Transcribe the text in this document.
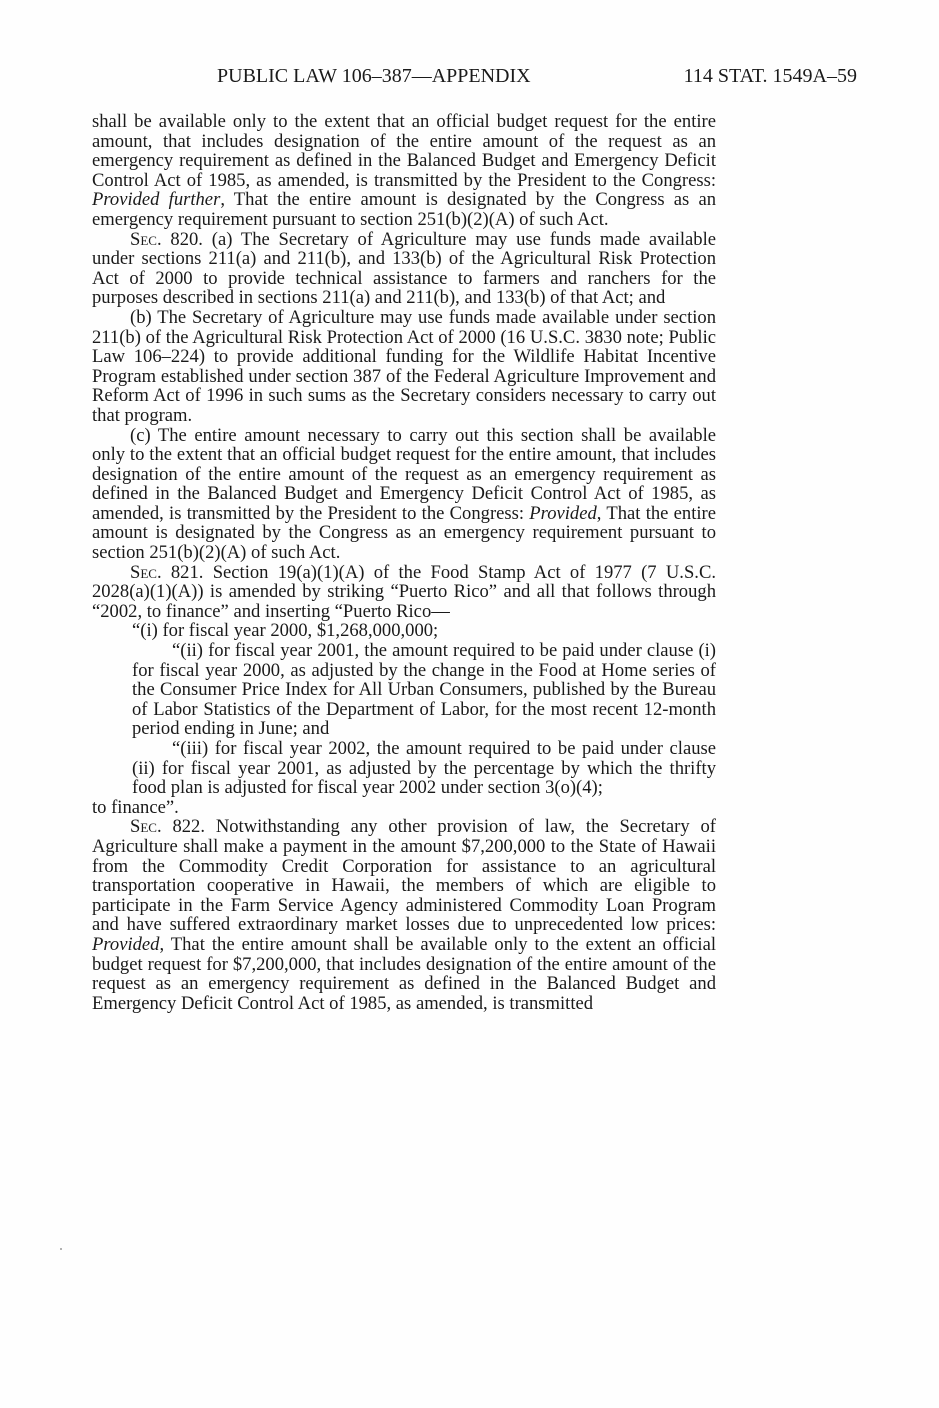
PUBLIC LAW 106–387—APPENDIX	114 STAT. 1549A–59

shall be available only to the extent that an official budget request for the entire amount, that includes designation of the entire amount of the request as an emergency requirement as defined in the Balanced Budget and Emergency Deficit Control Act of 1985, as amended, is transmitted by the President to the Congress: Provided further, That the entire amount is designated by the Congress as an emergency requirement pursuant to section 251(b)(2)(A) of such Act.

Sec. 820. (a) The Secretary of Agriculture may use funds made available under sections 211(a) and 211(b), and 133(b) of the Agricultural Risk Protection Act of 2000 to provide technical assistance to farmers and ranchers for the purposes described in sections 211(a) and 211(b), and 133(b) of that Act; and

(b) The Secretary of Agriculture may use funds made available under section 211(b) of the Agricultural Risk Protection Act of 2000 (16 U.S.C. 3830 note; Public Law 106–224) to provide additional funding for the Wildlife Habitat Incentive Program established under section 387 of the Federal Agriculture Improvement and Reform Act of 1996 in such sums as the Secretary considers necessary to carry out that program.

(c) The entire amount necessary to carry out this section shall be available only to the extent that an official budget request for the entire amount, that includes designation of the entire amount of the request as an emergency requirement as defined in the Balanced Budget and Emergency Deficit Control Act of 1985, as amended, is transmitted by the President to the Congress: Provided, That the entire amount is designated by the Congress as an emergency requirement pursuant to section 251(b)(2)(A) of such Act.

Sec. 821. Section 19(a)(1)(A) of the Food Stamp Act of 1977 (7 U.S.C. 2028(a)(1)(A)) is amended by striking “Puerto Rico” and all that follows through “2002, to finance” and inserting “Puerto Rico—

“(i) for fiscal year 2000, $1,268,000,000;

“(ii) for fiscal year 2001, the amount required to be paid under clause (i) for fiscal year 2000, as adjusted by the change in the Food at Home series of the Consumer Price Index for All Urban Consumers, published by the Bureau of Labor Statistics of the Department of Labor, for the most recent 12-month period ending in June; and

“(iii) for fiscal year 2002, the amount required to be paid under clause (ii) for fiscal year 2001, as adjusted by the percentage by which the thrifty food plan is adjusted for fiscal year 2002 under section 3(o)(4);

to finance”.

Sec. 822. Notwithstanding any other provision of law, the Secretary of Agriculture shall make a payment in the amount $7,200,000 to the State of Hawaii from the Commodity Credit Corporation for assistance to an agricultural transportation cooperative in Hawaii, the members of which are eligible to participate in the Farm Service Agency administered Commodity Loan Program and have suffered extraordinary market losses due to unprecedented low prices: Provided, That the entire amount shall be available only to the extent an official budget request for $7,200,000, that includes designation of the entire amount of the request as an emergency requirement as defined in the Balanced Budget and Emergency Deficit Control Act of 1985, as amended, is transmitted
